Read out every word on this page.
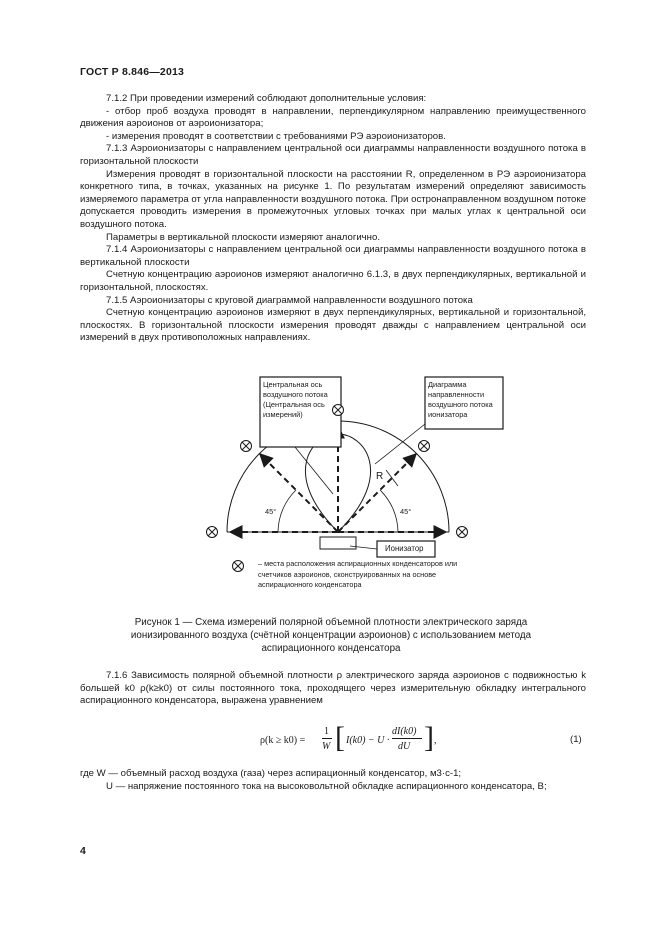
ГОСТ Р 8.846—2013

7.1.2 При проведении измерений соблюдают дополнительные условия:

- отбор проб воздуха проводят в направлении, перпендикулярном направлению преимущественного движения аэроионов от аэроионизатора;

- измерения проводят в соответствии с требованиями РЭ аэроионизаторов.

7.1.3 Аэроионизаторы с направлением центральной оси диаграммы направленности воздушного потока в горизонтальной плоскости

Измерения проводят в горизонтальной плоскости на расстоянии R, определенном в РЭ аэроионизатора конкретного типа, в точках, указанных на рисунке 1. По результатам измерений определяют зависимость измеряемого параметра от угла направленности воздушного потока. При остронаправленном воздушном потоке допускается проводить измерения в промежуточных угловых точках при малых углах к центральной оси воздушного потока.

Параметры в вертикальной плоскости измеряют аналогично.

7.1.4 Аэроионизаторы с направлением центральной оси диаграммы направленности воздушного потока в вертикальной плоскости

Счетную концентрацию аэроионов измеряют аналогично 6.1.3, в двух перпендикулярных, вертикальной и горизонтальной, плоскостях.

7.1.5 Аэроионизаторы с круговой диаграммой направленности воздушного потока

Счетную концентрацию аэроионов измеряют в двух перпендикулярных, вертикальной и горизонтальной, плоскостях. В горизонтальной плоскости измерения проводят дважды с направлением центральной оси измерений в двух противоположных направлениях.

Центральная ось воздушного потока (Центральная ось измерений)
Диаграмма направленности воздушного потока ионизатора
Ионизатор
R
45°	45°
– места расположения аспирационных конденсаторов или счетчиков аэроионов, сконструированных на основе аспирационного конденсатора
Рисунок 1 — Схема измерений полярной объемной плотности электрического заряда ионизированного воздуха (счётной концентрации аэроионов) с использованием метода аспирационного конденсатора

7.1.6 Зависимость полярной объемной плотности ρ электрического заряда аэроионов с подвижностью k большей k0 ρ(k≥k0) от силы постоянного тока, проходящего через измерительную обкладку интегрального аспирационного конденсатора, выражена уравнением

ρ(k ≥ k0) =
1
W [ I(k0) − U ·
dI(k0)
dU ] ,	(1)

где W — объемный расход воздуха (газа) через аспирационный конденсатор, м3·с-1;

U — напряжение постоянного тока на высоковольтной обкладке аспирационного конденсатора, В;

4
